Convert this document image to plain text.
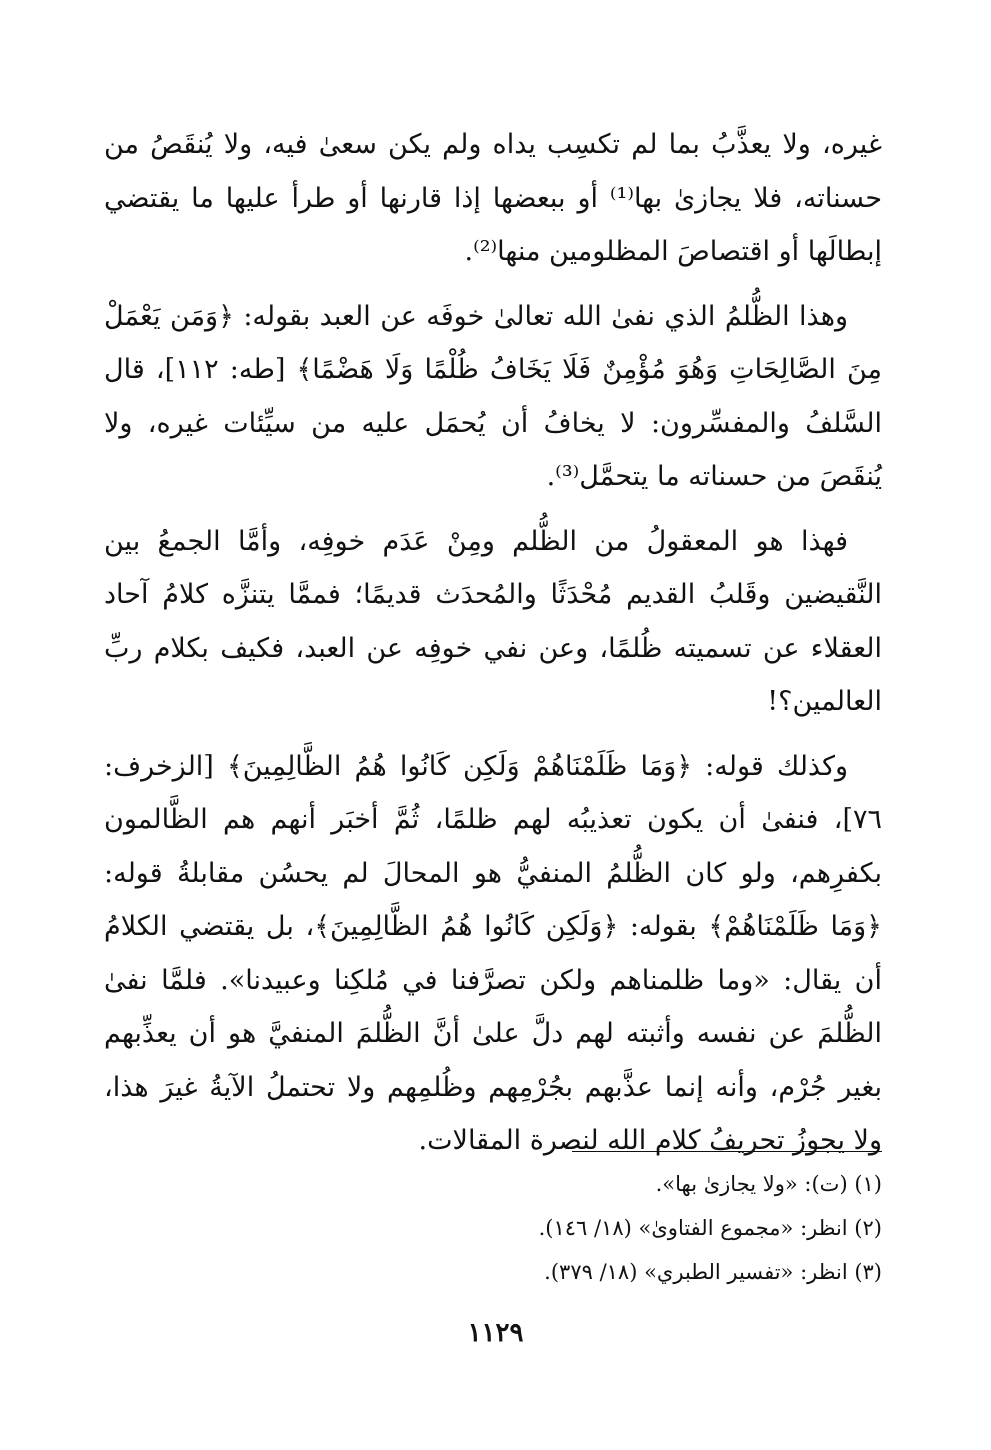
غيره، ولا يعذَّبُ بما لم تكسِب يداه ولم يكن سعىٰ فيه، ولا يُنقَصُ من حسناته، فلا يجازىٰ بها⁽¹⁾ أو ببعضها إذا قارنها أو طرأ عليها ما يقتضي إبطالَها أو اقتصاصَ المظلومين منها⁽²⁾.

وهذا الظُّلمُ الذي نفىٰ الله تعالىٰ خوفَه عن العبد بقوله: ﴿وَمَن يَعْمَلْ مِنَ الصَّالِحَاتِ وَهُوَ مُؤْمِنٌ فَلَا يَخَافُ ظُلْمًا وَلَا هَضْمًا﴾ [طه: ١١٢]، قال السَّلفُ والمفسِّرون: لا يخافُ أن يُحمَل عليه من سيِّئات غيره، ولا يُنقَصَ من حسناته ما يتحمَّل⁽³⁾.

فهذا هو المعقولُ من الظُّلم ومِنْ عَدَم خوفِه، وأمَّا الجمعُ بين النَّقيضين وقَلبُ القديم مُحْدَثًا والمُحدَث قديمًا؛ فممَّا يتنزَّه كلامُ آحاد العقلاء عن تسميته ظُلمًا، وعن نفي خوفِه عن العبد، فكيف بكلام ربِّ العالمين؟!

وكذلك قوله: ﴿وَمَا ظَلَمْنَاهُمْ وَلَكِن كَانُوا هُمُ الظَّالِمِينَ﴾ [الزخرف: ٧٦]، فنفىٰ أن يكون تعذيبُه لهم ظلمًا، ثُمَّ أخبَر أنهم هم الظَّالمون بكفرِهم، ولو كان الظُّلمُ المنفيُّ هو المحالَ لم يحسُن مقابلةُ قوله: ﴿وَمَا ظَلَمْنَاهُمْ﴾ بقوله: ﴿وَلَكِن كَانُوا هُمُ الظَّالِمِينَ﴾، بل يقتضي الكلامُ أن يقال: «وما ظلمناهم ولكن تصرَّفنا في مُلكِنا وعبيدنا». فلمَّا نفىٰ الظُّلمَ عن نفسه وأثبته لهم دلَّ علىٰ أنَّ الظُّلمَ المنفيَّ هو أن يعذِّبهم بغير جُرْم، وأنه إنما عذَّبهم بجُرْمِهم وظُلمِهم ولا تحتملُ الآيةُ غيرَ هذا، ولا يجوزُ تحريفُ كلام الله لنصرة المقالات.

(١) (ت): «ولا يجازىٰ بها».

(٢) انظر: «مجموع الفتاوىٰ» (١٨/ ١٤٦).

(٣) انظر: «تفسير الطبري» (١٨/ ٣٧٩).

١١٢٩
